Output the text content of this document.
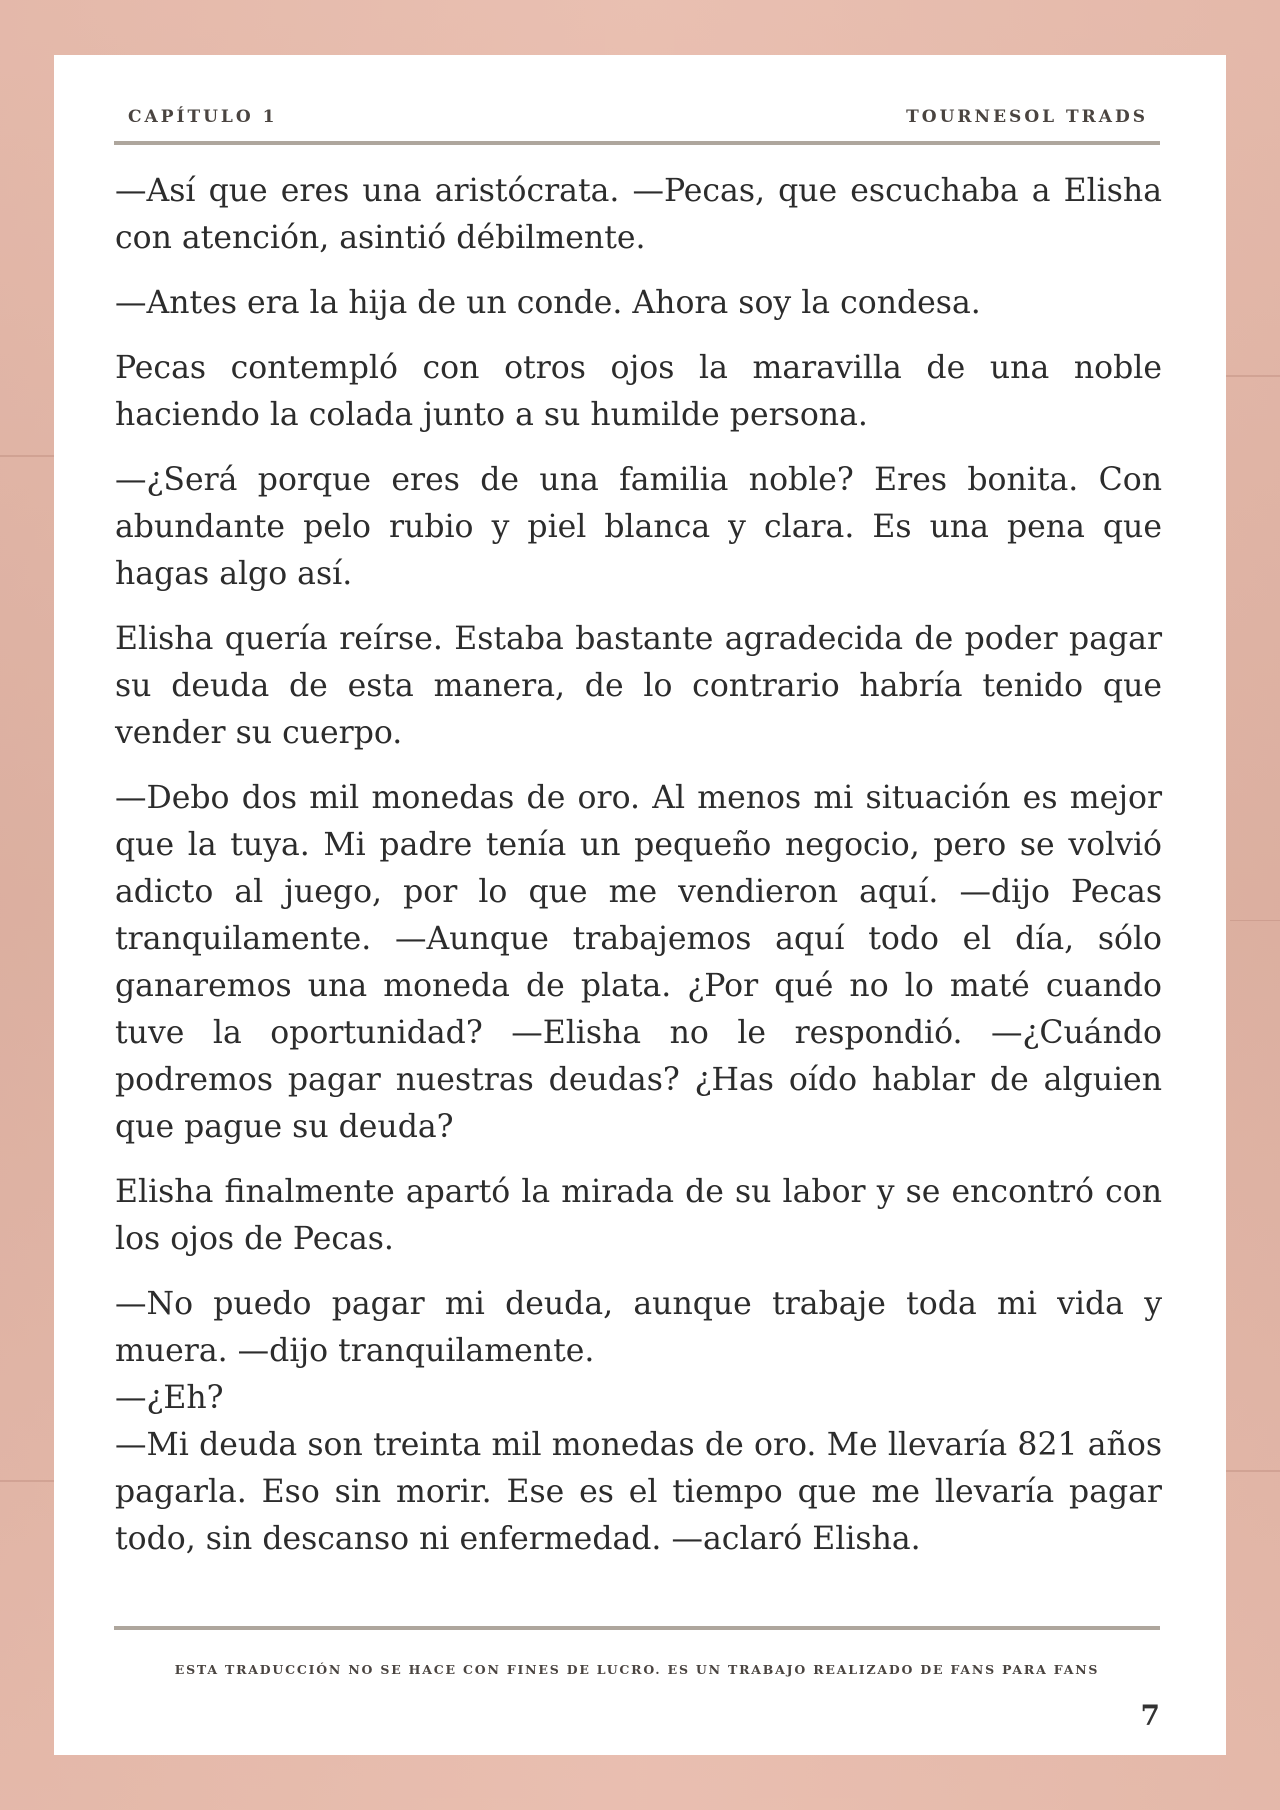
CAPÍTULO 1	TOURNESOL TRADS

—Así que eres una aristócrata. —Pecas, que escuchaba a Elisha con atención, asintió débilmente.

—Antes era la hija de un conde. Ahora soy la condesa.

Pecas contempló con otros ojos la maravilla de una noble haciendo la colada junto a su humilde persona.

—¿Será porque eres de una familia noble? Eres bonita. Con abundante pelo rubio y piel blanca y clara. Es una pena que hagas algo así.

Elisha quería reírse. Estaba bastante agradecida de poder pagar su deuda de esta manera, de lo contrario habría tenido que vender su cuerpo.

—Debo dos mil monedas de oro. Al menos mi situación es mejor que la tuya. Mi padre tenía un pequeño negocio, pero se volvió adicto al juego, por lo que me vendieron aquí. —dijo Pecas tranquilamente. —Aunque trabajemos aquí todo el día, sólo ganaremos una moneda de plata. ¿Por qué no lo maté cuando tuve la oportunidad? —Elisha no le respondió. —¿Cuándo podremos pagar nuestras deudas? ¿Has oído hablar de alguien que pague su deuda?

Elisha finalmente apartó la mirada de su labor y se encontró con los ojos de Pecas.

—No puedo pagar mi deuda, aunque trabaje toda mi vida y muera. —dijo tranquilamente.
—¿Eh?
—Mi deuda son treinta mil monedas de oro. Me llevaría 821 años pagarla. Eso sin morir. Ese es el tiempo que me llevaría pagar todo, sin descanso ni enfermedad. —aclaró Elisha.

ESTA TRADUCCIÓN NO SE HACE CON FINES DE LUCRO. ES UN TRABAJO REALIZADO DE FANS PARA FANS
7
